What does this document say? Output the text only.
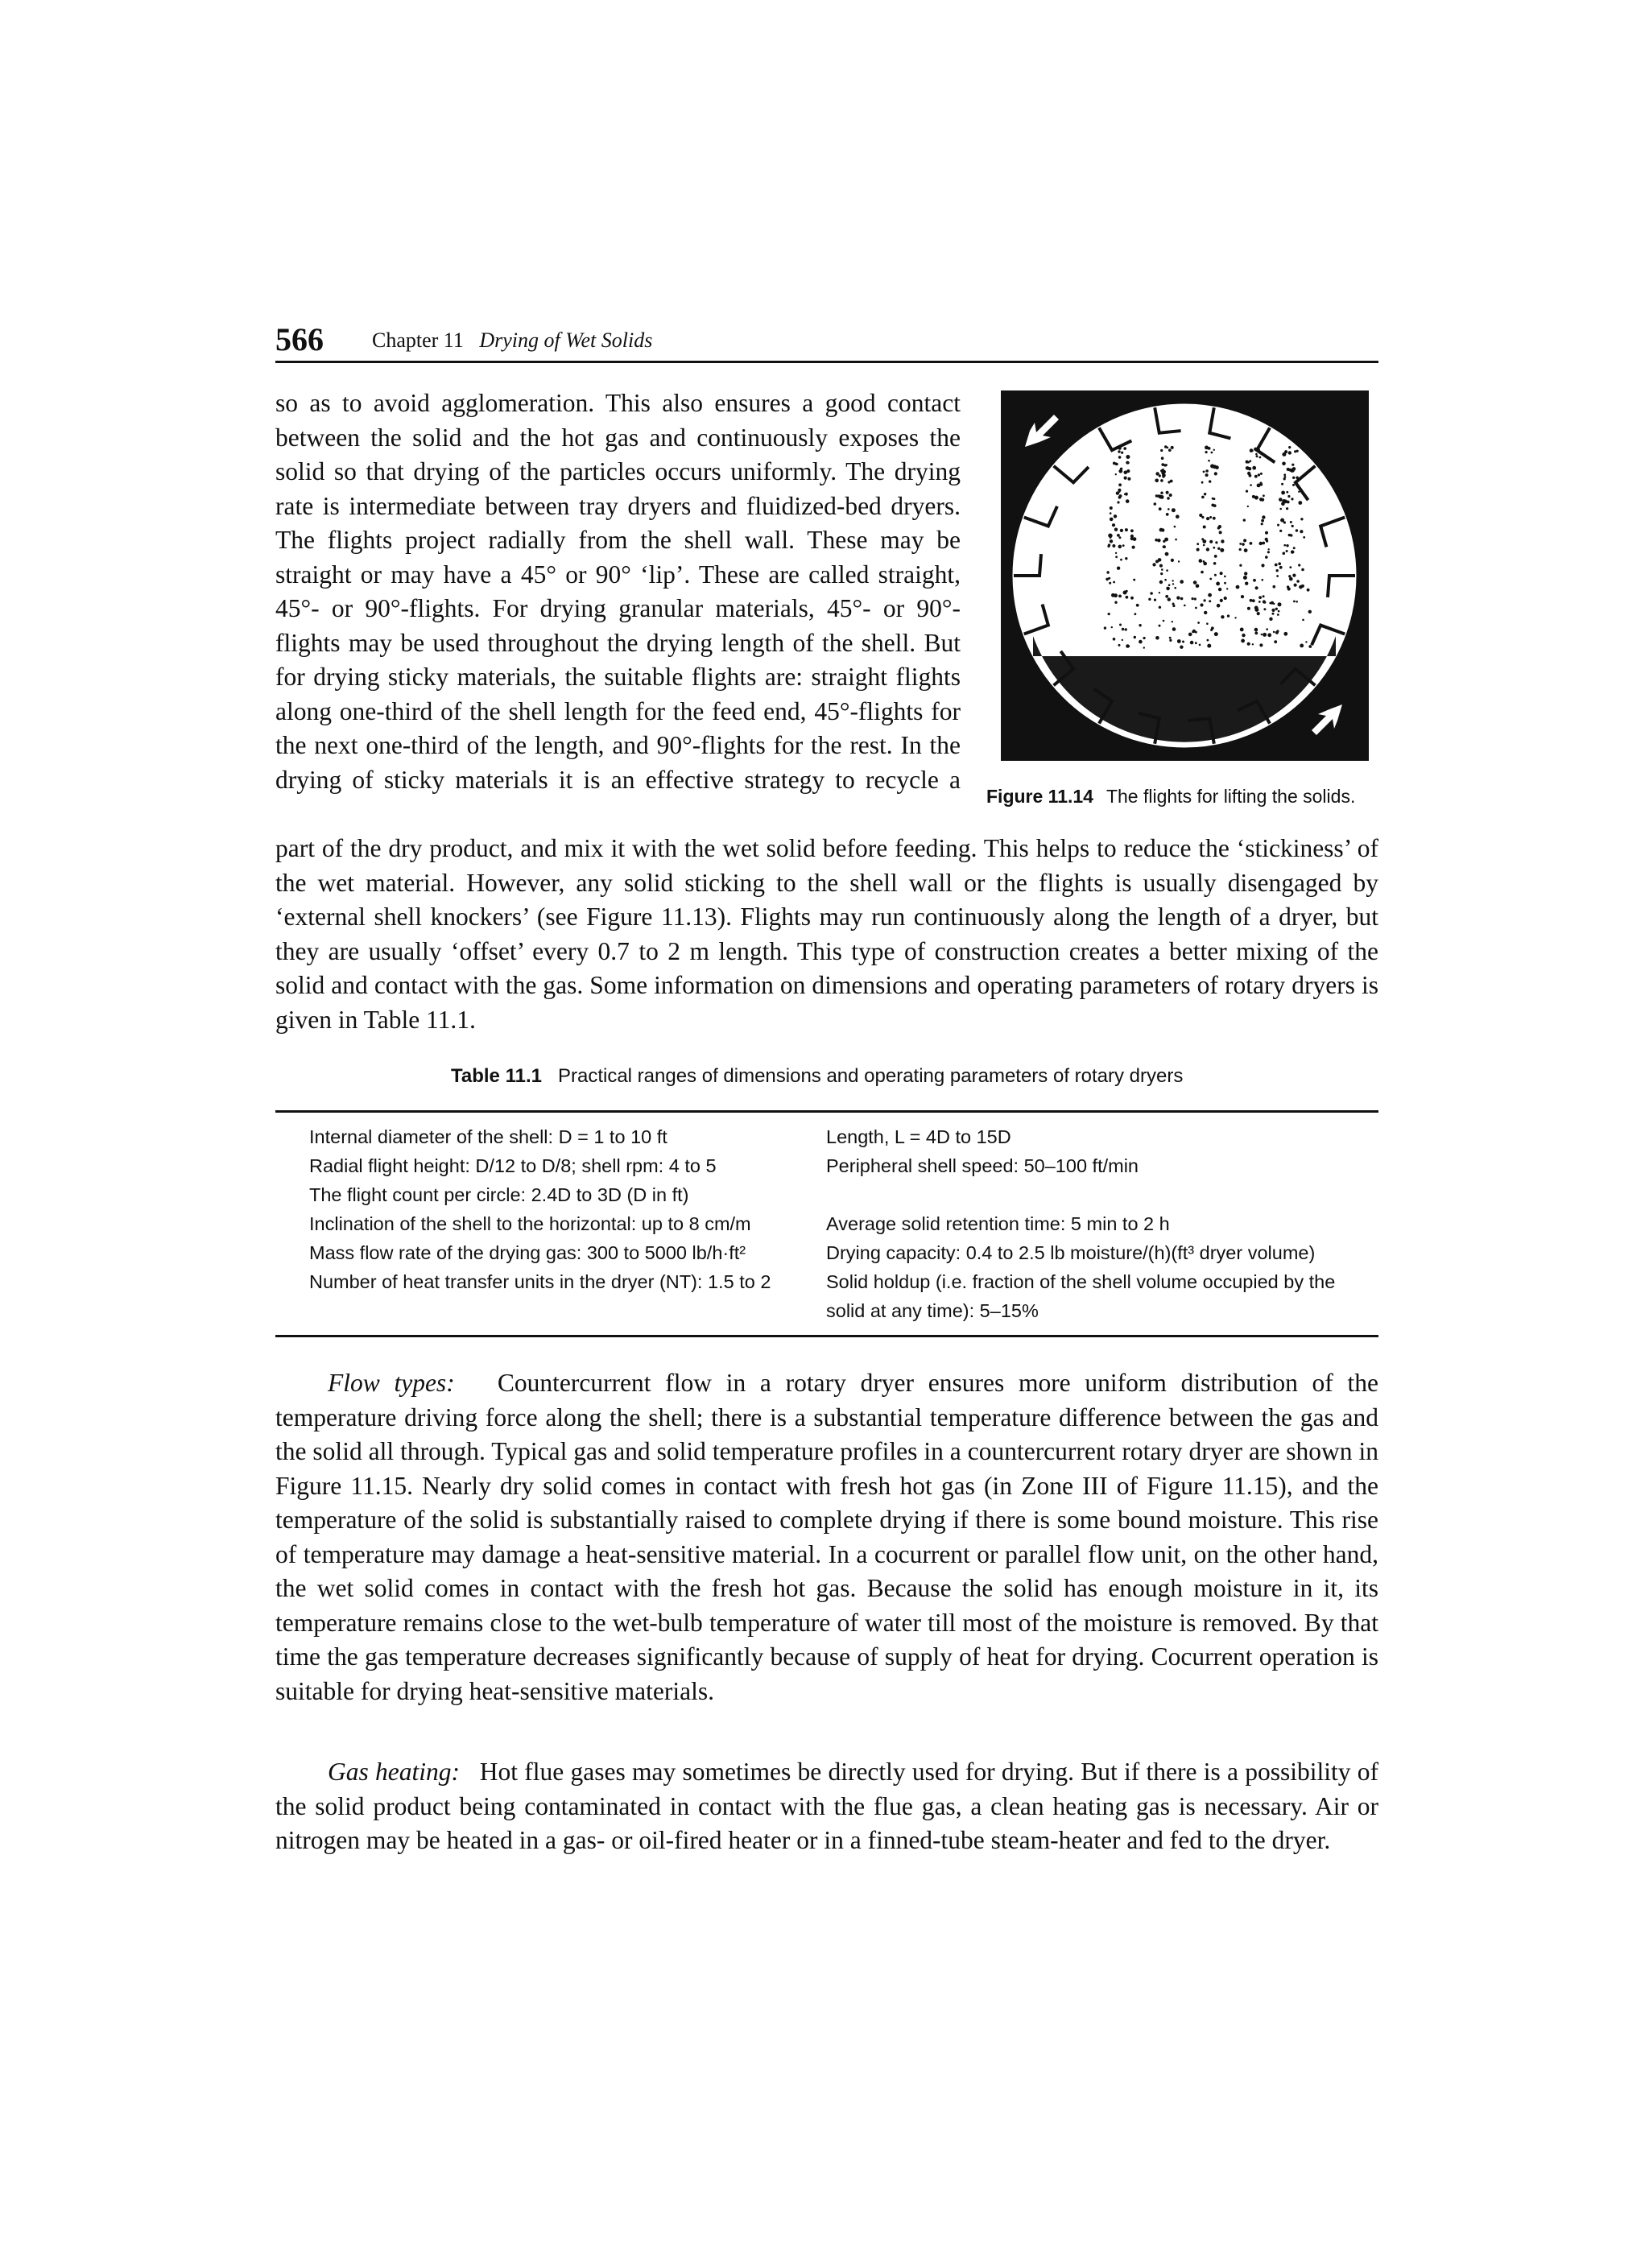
566 Chapter 11 Drying of Wet Solids

so as to avoid agglomeration. This also ensures a good contact between the solid and the hot gas and continuously exposes the solid so that drying of the particles occurs uniformly. The drying rate is intermediate between tray dryers and fluidized-bed dryers. The flights project radially from the shell wall. These may be straight or may have a 45° or 90° ‘lip’. These are called straight, 45°- or 90°-flights. For drying granular materials, 45°- or 90°-flights may be used throughout the drying length of the shell. But for drying sticky materials, the suitable flights are: straight flights along one-third of the shell length for the feed end, 45°-flights for the next one-third of the length, and 90°-flights for the rest. In the drying of sticky materials it is an effective strategy to recycle a

Figure 11.14 The flights for lifting the solids.

part of the dry product, and mix it with the wet solid before feeding. This helps to reduce the ‘stickiness’ of the wet material. However, any solid sticking to the shell wall or the flights is usually disengaged by ‘external shell knockers’ (see Figure 11.13). Flights may run continuously along the length of a dryer, but they are usually ‘offset’ every 0.7 to 2 m length. This type of construction creates a better mixing of the solid and contact with the gas. Some information on dimensions and operating parameters of rotary dryers is given in Table 11.1.

Table 11.1 Practical ranges of dimensions and operating parameters of rotary dryers
Internal diameter of the shell: D = 1 to 10 ft	Length, L = 4D to 15D
Radial flight height: D/12 to D/8; shell rpm: 4 to 5	Peripheral shell speed: 50–100 ft/min
The flight count per circle: 2.4D to 3D (D in ft)
Inclination of the shell to the horizontal: up to 8 cm/m	Average solid retention time: 5 min to 2 h
Mass flow rate of the drying gas: 300 to 5000 lb/h·ft²	Drying capacity: 0.4 to 2.5 lb moisture/(h)(ft³ dryer volume)
Number of heat transfer units in the dryer (NT): 1.5 to 2	Solid holdup (i.e. fraction of the shell volume occupied by the
solid at any time): 5–15%

Flow types: Countercurrent flow in a rotary dryer ensures more uniform distribution of the temperature driving force along the shell; there is a substantial temperature difference between the gas and the solid all through. Typical gas and solid temperature profiles in a countercurrent rotary dryer are shown in Figure 11.15. Nearly dry solid comes in contact with fresh hot gas (in Zone III of Figure 11.15), and the temperature of the solid is substantially raised to complete drying if there is some bound moisture. This rise of temperature may damage a heat-sensitive material. In a cocurrent or parallel flow unit, on the other hand, the wet solid comes in contact with the fresh hot gas. Because the solid has enough moisture in it, its temperature remains close to the wet-bulb temperature of water till most of the moisture is removed. By that time the gas temperature decreases significantly because of supply of heat for drying. Cocurrent operation is suitable for drying heat-sensitive materials.

Gas heating: Hot flue gases may sometimes be directly used for drying. But if there is a possibility of the solid product being contaminated in contact with the flue gas, a clean heating gas is necessary. Air or nitrogen may be heated in a gas- or oil-fired heater or in a finned-tube steam-heater and fed to the dryer.
